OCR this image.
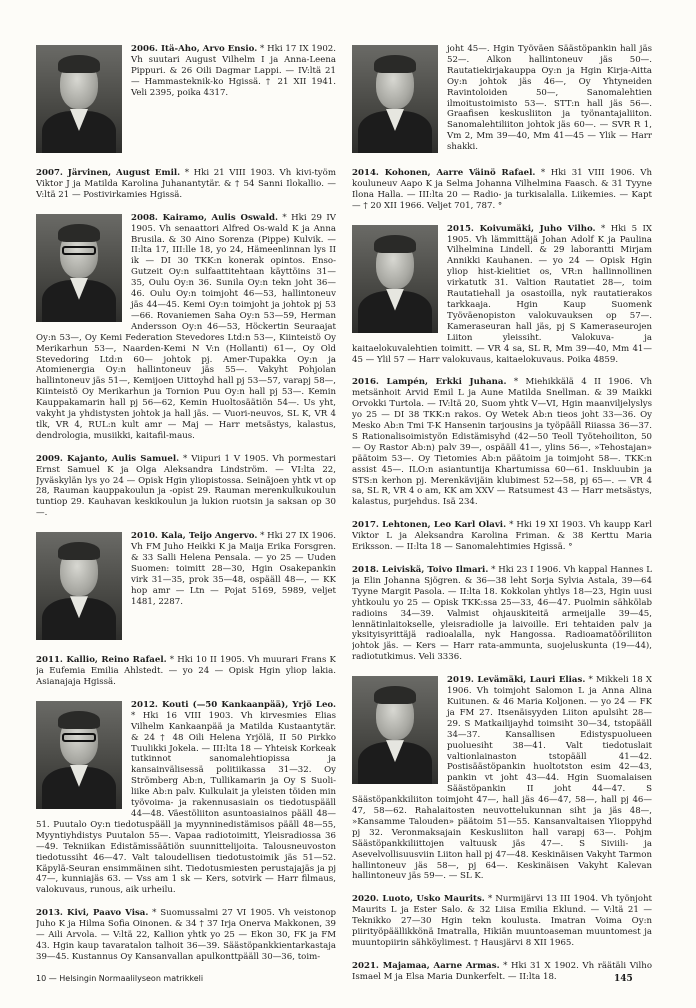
2006. Itä-Aho, Arvo Ensio. * Hki 17 IX 1902. Vh suutari August Vilhelm I ja Anna-Leena Pippuri. & 26 Oili Dagmar Lappi. — IV:ltä 21 — Hammasteknik-ko Hgissä. † 21 XII 1941. Veli 2395, poika 4317.
2007. Järvinen, August Emil. * Hki 21 VIII 1903. Vh kivi-työm Viktor J ja Matilda Karolina Juhanantytär. & † 54 Sanni Ilokallio. — V:ltä 21 — Postivirkamies Hgissä.
2008. Kairamo, Aulis Oswald. * Hki 29 IV 1905. Vh senaattori Alfred Os-wald K ja Anna Brusila. & 30 Aino Sorenza (Pippe) Kulvik. — II:lta 17, III:lle 18, yo 24, Hämeenlinnan lys II ik — DI 30 TKK:n konerak opintos. Enso-Gutzeit Oy:n sulfaattitehtaan käyttöins 31—35, Oulu Oy:n 36. Sunila Oy:n tekn joht 36—46. Oulu Oy:n toimjoht 46—53, hallintoneuv jäs 44—45. Kemi Oy:n toimjoht ja johtok pj 53—66. Rovaniemen Saha Oy:n 53—59, Herman Andersson Oy:n 46—53, Höckertin Seuraajat Oy:n 53—, Oy Kemi Federation Stevedores Ltd:n 53—, Kiinteistö Oy Merikarhun 53—, Naarden-Kemi N V:n (Hollanti) 61—, Oy Old Stevedoring Ltd:n 60— johtok pj. Amer-Tupakka Oy:n ja Atomienergia Oy:n hallintoneuv jäs 55—. Vakyht Pohjolan hallintoneuv jäs 51—, Kemijoen Uittoyhd hall pj 53—57, varapj 58—, Kiinteistö Oy Merikarhun ja Tornion Puu Oy:n hall pj 53—. Kemin Kauppakamarin hall pj 56—62, Kemin Huoltosäätiön 54—. Us yht, vakyht ja yhdistysten johtok ja hall jäs. — Vuori-neuvos, SL K, VR 4 tlk, VR 4, RUL:n kult amr — Maj — Harr metsästys, kalastus, dendrologia, musiikki, kaitafil-maus.
2009. Kajanto, Aulis Samuel. * Viipuri 1 V 1905. Vh pormestari Ernst Samuel K ja Olga Aleksandra Lindström. — VI:lta 22, Jyväskylän lys yo 24 — Opisk Hgin yliopistossa. Seinäjoen yhtk vt op 28, Rauman kauppakoulun ja -opist 29. Rauman merenkulkukoulun tuntiop 29. Kauhavan keskikoulun ja lukion ruotsin ja saksan op 30—.
2010. Kala, Teijo Angervo. * Hki 27 IX 1906. Vh FM Juho Heikki K ja Maija Erika Forsgren. & 33 Salli Helena Pensala. — yo 25 — Uuden Suomen: toimitt 28—30, Hgin Osakepankin virk 31—35, prok 35—48, ospääll 48—, — KK hop amr — Ltn — Pojat 5169, 5989, veljet 1481, 2287.
2011. Kallio, Reino Rafael. * Hki 10 II 1905. Vh muurari Frans K ja Eufemia Emilia Ahlstedt. — yo 24 — Opisk Hgin yliop lakia. Asianajaja Hgissä.
2012. Kouti (—50 Kankaanpää), Yrjö Leo. * Hki 16 VIII 1903. Vh kirvesmies Elias Vilhelm Kankaanpää ja Matilda Kustaantytär. & 24 † 48 Oili Helena Yrjölä, II 50 Pirkko Tuulikki Jokela. — III:lta 18 — Yhteisk Korkeak tutkinnot sanomalehtiopissa ja kansainvälisessä politiikassa 31—32. Oy Strömberg Ab:n, Tullikamarin ja Oy S Suoli-liike Ab:n palv. Kulkulait ja yleisten töiden min työvoima- ja rakennusasiain os tiedotuspääll 44—48. Väestöliiton asuntoasiainos pääll 48—51. Puutalo Oy:n tiedotuspääll ja myynninedistämisos pääll 48—55, Myyntiyhdistys Puutalon 55—. Vapaa radiotoimitt, Yleisradiossa 36—49. Tekniikan Edistämissäätiön suunnittelijoita. Talousneuvoston tiedotussiht 46—47. Valt taloudellisen tiedotustoimik jäs 51—52. Käpylä-Seuran ensimmäinen siht. Tiedotusmiesten perustajajäs ja pj 47—, kunniajäs 63. — Vss am 1 sk — Kers, sotvirk — Harr filmaus, valokuvaus, runous, aik urheilu.
2013. Kivi, Paavo Visa. * Suomussalmi 27 VI 1905. Vh veistonop Juho K ja Hilma Sofia Oinonen. & 34 † 37 Irja Onerva Makkonen, 39— Aili Arvola. — V:ltä 22, Kallion yhtk yo 25 — Ekon 30, FK ja FM 43. Hgin kaup tavaratalon talhoit 36—39. Säästöpankkientarkastaja 39—45. Kustannus Oy Kansanvallan apulkonttpääll 30—36, toim-
joht 45—. Hgin Työväen Säästöpankin hall jäs 52—. Alkon hallintoneuv jäs 50—. Rautatiekirjakauppa Oy:n ja Hgin Kirja-Aitta Oy:n johtok jäs 46—, Oy Yhtyneiden Ravintoloiden 50—, Sanomalehtien ilmoitustoimisto 53—. STT:n hall jäs 56—. Graafisen keskusliiton ja työnantajaliiton. Sanomalehtiliiton johtok jäs 60—. — SVR R 1, Vm 2, Mm 39—40, Mm 41—45 — Ylik — Harr shakki.
2014. Kohonen, Aarre Väinö Rafael. * Hki 31 VIII 1906. Vh kouluneuv Aapo K ja Selma Johanna Vilhelmina Faasch. & 31 Tyyne Ilona Halla. — III:lta 20 — Radio- ja turkisalalla. Liikemies. — Kapt — † 20 XII 1966. Veljet 701, 787. °
2015. Koivumäki, Juho Vilho. * Hki 5 IX 1905. Vh lämmittäjä Johan Adolf K ja Paulina Vilhelmina Lindell. & 29 laborantti Mirjam Annikki Kauhanen. — yo 24 — Opisk Hgin yliop hist-kielitiet os, VR:n hallinnollinen virkatutk 31. Valtion Rautatiet 28—, toim Rautatiehall ja osastoilla, nyk rautatierakos tarkkaaja. Hgin Kaup Suomenk Työväenopiston valokuvauksen op 57—. Kameraseuran hall jäs, pj S Kameraseurojen Liiton yleissiht. Valokuva- ja kaitaelokuvalehtien toimitt. — VR 4 sa, SL R, Mm 39—40, Mm 41—45 — Ylil 57 — Harr valokuvaus, kaitaelokuvaus. Poika 4859.
2016. Lampén, Erkki Juhana. * Miehikkälä 4 II 1906. Vh metsänhoit Arvid Emil L ja Aune Matilda Snellman. & 39 Maikki Orvokki Turtola. — IV:ltä 20, Suom yhtk V—VI, Hgin maanviljelyslys yo 25 — DI 38 TKK:n rakos. Oy Wetek Ab:n tieos joht 33—36. Oy Mesko Ab:n Tmi T-K Hansenin tarjousins ja työpääll Riiassa 36—37. S Rationalisoimistyön Edistämisyhd (42—50 Teoll Työtehoiliton, 50— Oy Rastor Ab:n) palv 39—, ospääll 41—, ylins 56—, »Tehostajan» päätoim 53—. Oy Tietomies Ab:n päätoim ja toimjoht 58—. TKK:n assist 45—. ILO:n asiantuntija Khartumissa 60—61. Inskluubin ja STS:n kerhon pj. Merenkävijäin klubimest 52—58, pj 65—. — VR 4 sa, SL R, VR 4 o am, KK am XXV — Ratsumest 43 — Harr metsästys, kalastus, purjehdus. Isä 234.
2017. Lehtonen, Leo Karl Olavi. * Hki 19 XI 1903. Vh kaupp Karl Viktor L ja Aleksandra Karolina Friman. & 38 Kerttu Maria Eriksson. — II:lta 18 — Sanomalehtimies Hgissä. °
2018. Leiviskä, Toivo Ilmari. * Hki 23 I 1906. Vh kappal Hannes L ja Elin Johanna Sjögren. & 36—38 leht Sorja Sylvia Astala, 39—64 Tyyne Margit Pasola. — II:lta 18. Kokkolan yhtlys 18—23, Hgin uusi yhtkoulu yo 25 — Opisk TKK:ssa 25—33, 46—47. Puolmin sähkölab radioins 34—39. Valmist ohjauskiteitä armeijalle 39—45, lennätinlaitokselle, yleisradiolle ja laivoille. Eri tehtaiden palv ja yksityisyrittäjä radioalalla, nyk Hangossa. Radioamatööriliiton johtok jäs. — Kers — Harr rata-ammunta, suojeluskunta (19—44), radiotutkimus. Veli 3336.
2019. Levämäki, Lauri Elias. * Mikkeli 18 X 1906. Vh toimjoht Salomon L ja Anna Alina Kuitunen. & 46 Maria Koljonen. — yo 24 — FK ja FM 27. Itsenäisyyden Liiton apulsiht 28—29. S Matkailijayhd toimsiht 30—34, tstopääll 34—37. Kansallisen Edistyspuolueen puoluesiht 38—41. Valt tiedotuslait valtionlainaston tstopääll 41—42. Postisäästöpankin huoltotston esim 42—43, pankin vt joht 43—44. Hgin Suomalaisen Säästöpankin II joht 44—47. S Säästöpankkiliiton toimjoht 47—, hall jäs 46—47, 58—, hall pj 46—47, 58—62. Rahalaitosten neuvottelukunnan siht ja jäs 48—, »Kansamme Talouden» päätoim 51—55. Kansanvaltaisen Ylioppyhd pj 32. Veronmaksajain Keskusliiton hall varapj 63—. Pohjm Säästöpankkiliittojen valtuusk jäs 47—. S Siviili- ja Asevelvollisuusviin Liiton hall pj 47—48. Keskinäisen Vakyht Tarmon hallintoneuv jäs 58—, pj 64—. Keskinäisen Vakyht Kalevan hallintoneuv jäs 59—. — SL K.
2020. Luoto, Usko Maurits. * Nurmijärvi 13 III 1904. Vh työnjoht Maurits L ja Ester Salo. & 32 Liisa Emilia Eklund. — V:ltä 21 — Teknikko 27—30 Hgin tekn koulusta. Imatran Voima Oy:n piirityöpäällikkönä Imatralla, Hikiän muuntoaseman muuntomest ja muuntopiirin sähköylimest. † Hausjärvi 8 XII 1965.
2021. Majamaa, Aarne Armas. * Hki 31 X 1902. Vh räätäli Vilho Ismael M ja Elsa Maria Dunkerfelt. — II:lta 18.
10 — Helsingin Normaalilyseon matrikkeli	145
